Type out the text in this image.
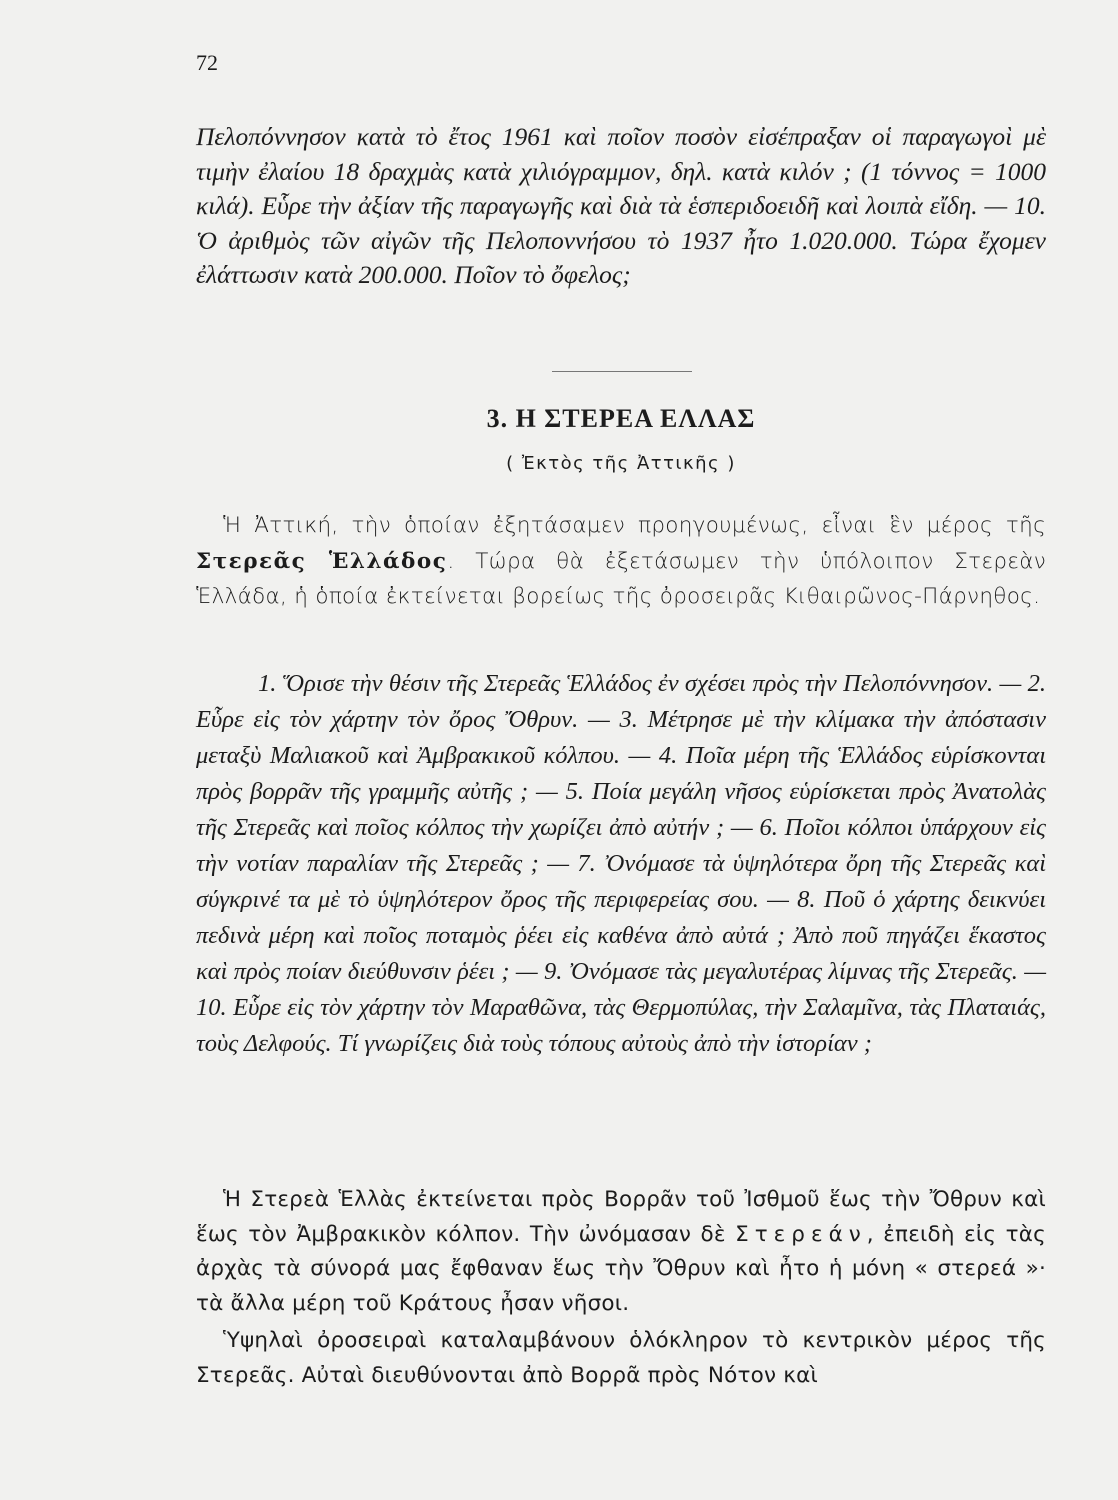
72

Πελοπόννησον κατὰ τὸ ἔτος 1961 καὶ ποῖον ποσὸν εἰσέπραξαν οἱ παραγωγοὶ μὲ τιμὴν ἐλαίου 18 δραχμὰς κατὰ χιλιόγραμμον, δηλ. κατὰ κιλόν ; (1 τόννος = 1000 κιλά). Εὗρε τὴν ἀξίαν τῆς παραγωγῆς καὶ διὰ τὰ ἑσπεριδοειδῆ καὶ λοιπὰ εἴδη. — 10. Ὁ ἀριθμὸς τῶν αἰγῶν τῆς Πελοποννήσου τὸ 1937 ἦτο 1.020.000. Τώρα ἔχομεν ἐλάττωσιν κατὰ 200.000. Ποῖον τὸ ὄφελος;

3. Η ΣΤΕΡΕΑ ΕΛΛΑΣ
( Ἐκτὸς τῆς Ἀττικῆς )

Ἡ Ἀττική, τὴν ὁποίαν ἐξητάσαμεν προηγουμένως, εἶναι ἓν μέρος τῆς Στερεᾶς Ἑλλάδος. Τώρα θὰ ἐξετάσωμεν τὴν ὑπόλοιπον Στερεὰν Ἑλλάδα, ἡ ὁποία ἐκτείνεται βορείως τῆς ὀροσειρᾶς Κιθαιρῶνος-Πάρνηθος.

1. Ὅρισε τὴν θέσιν τῆς Στερεᾶς Ἑλλάδος ἐν σχέσει πρὸς τὴν Πελοπόννησον. — 2. Εὗρε εἰς τὸν χάρτην τὸν ὄρος Ὄθρυν. — 3. Μέτρησε μὲ τὴν κλίμακα τὴν ἀπόστασιν μεταξὺ Μαλιακοῦ καὶ Ἀμβρακικοῦ κόλπου. — 4. Ποῖα μέρη τῆς Ἑλλάδος εὑρίσκονται πρὸς βορρᾶν τῆς γραμμῆς αὐτῆς ; — 5. Ποία μεγάλη νῆσος εὑρίσκεται πρὸς Ἀνατολὰς τῆς Στερεᾶς καὶ ποῖος κόλπος τὴν χωρίζει ἀπὸ αὐτήν ; — 6. Ποῖοι κόλποι ὑπάρχουν εἰς τὴν νοτίαν παραλίαν τῆς Στερεᾶς ; — 7. Ὀνόμασε τὰ ὑψηλότερα ὄρη τῆς Στερεᾶς καὶ σύγκρινέ τα μὲ τὸ ὑψηλότερον ὄρος τῆς περιφερείας σου. — 8. Ποῦ ὁ χάρτης δεικνύει πεδινὰ μέρη καὶ ποῖος ποταμὸς ῥέει εἰς καθένα ἀπὸ αὐτά ; Ἀπὸ ποῦ πηγάζει ἕκαστος καὶ πρὸς ποίαν διεύθυνσιν ῥέει ; — 9. Ὀνόμασε τὰς μεγαλυτέρας λίμνας τῆς Στερεᾶς. — 10. Εὗρε εἰς τὸν χάρτην τὸν Μαραθῶνα, τὰς Θερμοπύλας, τὴν Σαλαμῖνα, τὰς Πλαταιάς, τοὺς Δελφούς. Τί γνωρίζεις διὰ τοὺς τόπους αὐτοὺς ἀπὸ τὴν ἱστορίαν ;

Ἡ Στερεὰ Ἑλλὰς ἐκτείνεται πρὸς Βορρᾶν τοῦ Ἰσθμοῦ ἕως τὴν Ὄθρυν καὶ ἕως τὸν Ἀμβρακικὸν κόλπον. Τὴν ὠνόμασαν δὲ Στερεάν, ἐπειδὴ εἰς τὰς ἀρχὰς τὰ σύνορά μας ἔφθαναν ἕως τὴν Ὄθρυν καὶ ἦτο ἡ μόνη « στερεά »· τὰ ἄλλα μέρη τοῦ Κράτους ἦσαν νῆσοι.

Ὑψηλαὶ ὀροσειραὶ καταλαμβάνουν ὁλόκληρον τὸ κεντρικὸν μέρος τῆς Στερεᾶς. Αὐταὶ διευθύνονται ἀπὸ Βορρᾶ πρὸς Νότον καὶ
